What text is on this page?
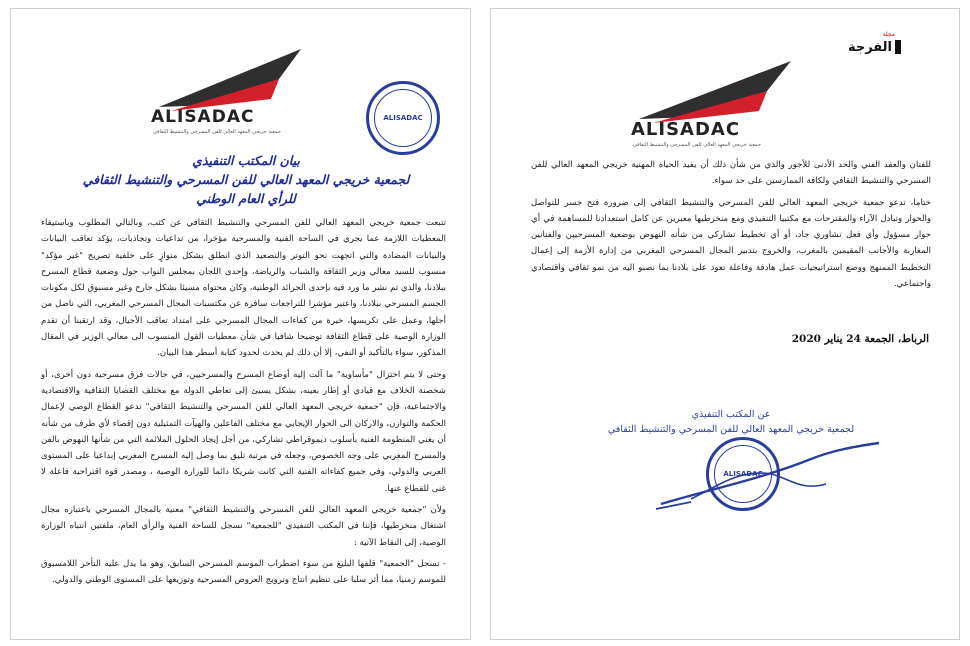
ALISADAC
جمعية خريجي المعهد العالي للفن المسرحي والتنشيط الثقافي
ALISADAC
بيان المكتب التنفيذي
لجمعية خريجي المعهد العالي للفن المسرحي والتنشيط الثقافي
للرأي العام الوطني

تتبعت جمعية خريجي المعهد العالي للفن المسرحي والتنشيط الثقافي عن كثب، وبالتالي المطلوب وباستيفاء المعطيات اللازمة عما يجري في الساحة الفنية والمسرحية مؤخرا، من تداعيات وتجاذبات، يؤكد تعاقب البيانات والبيانات المضادة والتي اتجهت نحو التوتر والتصعيد الذي انطلق بشكل متوازٍ على خلفية تصريح "غير مؤكد" منسوب للسيد معالي وزير الثقافة والشباب والرياضة، وإحدى اللجان بمجلس النواب حول وضعية قطاع المسرح ببلادنا، والذي تم نشر ما ورد فيه بإحدى الجرائد الوطنية، وكان محتواه مسيئا بشكل جارح وغير مسبوق لكل مكونات الجسم المسرحي ببلادنا، واعتبر مؤشرا للتراجعات سافرة عن مكتسبات المجال المسرحي المغربي، التي ناضل من أجلها، وعمل على تكريسها، خيرة من كفاءات المجال المسرحي على امتداد تعاقب الأجيال، وقد ارتقبنا أن تقدم الوزارة الوصية على قطاع الثقافة توضيحا شافيا في شأن معطيات القول المنسوب الى معالي الوزير في المقال المذكور، سواء بالتأكيد أو النفي، إلا أن ذلك لم يحدث لحدود كتابة أسطر هذا البيان.

وحتى لا يتم اختزال "مأساوية" ما آلت إليه أوضاع المسرح والمسرحيين، في حالات فرق مسرحية دون أخرى، أو شخصنة الخلاف مع قيادي أو إطار بعينه، بشكل يسيئ إلى تعاطي الدولة مع مختلف القضايا الثقافية والاقتصادية والاجتماعية، فإن "جمعية خريجي المعهد العالي للفن المسرحي والتنشيط الثقافي" تدعو القطاع الوصي لإعمال الحكمة والتوازن، والاركان الى الحوار الإيجابي مع مختلف الفاعلين والهيآت التمثيلية دون إقصاء لأي طرف من شأنه أن يغني المنظومة الفنية بأسلوب ديموقراطي تشاركي، من أجل إيجاد الحلول الملائمة التي من شأنها النهوض بالفن والمسرح المغربي على وجه الخصوص، وجعله في مرتبة تليق بما وصل إليه المسرح المغربي إبداعيا على المستوى العربي والدولي، وفي جميع كفاءاته الفنية التي كانت شريكا دائما للوزارة الوصية ، ومصدر قوة اقتراحية فاعلة لا غنى للقطاع عنها.

ولأن "جمعية خريجي المعهد العالي للفن المسرحي والتنشيط الثقافي" معنية بالمجال المسرحي باعتباره مجال اشتغال منخرطيها، فإننا في المكتب التنفيذي "للجمعية" نسجل للساحة الفنية والرأي العام، ملفتين انتباه الوزارة الوصية، إلى النقاط الآتية :

- تسجل "الجمعية" قلقها البليغ من سوء اضطراب الموسم المسرحي السابق، وهو ما يدل عليه التأخر اللامسبوق للموسم زمنيا، مما أثر سلبا على تنظيم انتاج وترويج العروض المسرحية وتوزيعها على المستوى الوطني والدولي.

الفرجة
مجلة
ALISADAC
جمعية خريجي المعهد العالي للفن المسرحي والتنشيط الثقافي

للفنان والعقد الفني والحد الأدنى للأجور والذي من شأن ذلك أن يفيد الحياة المهنية خريجي المعهد العالي للفن المسرحي والتنشيط الثقافي ولكافة الممارسين على حد سواء.

ختاما، تدعو جمعية خريجي المعهد العالي للفن المسرحي والتنشيط الثقافي إلى ضرورة فتح جسر للتواصل والحوار وتبادل الآراء والمقترحات مع مكتبيا التنفيذي ومع منخرطيها معبرين عن كامل استعدادنا للمساهمة في أي حوار مسؤول وأي فعل تشاوري جاد، أو أي تخطيط تشاركي من شأنه النهوض بوضعية المسرحيين والفنانين المغاربة والأجانب المقيمين بالمغرب، والخروج بتدبير المجال المسرحي المغربي من إدارة الأزمة إلى إعمال التخطيط الممنهج ووضع استراتيجيات عمل هادفة وفاعلة تعود على بلادنا بما نصبو اليه من نمو ثقافي واقتصادي واجتماعي.

الرباط، الجمعة 24 يناير 2020
عن المكتب التنفيذي
لجمعية خريجي المعهد العالي للفن المسرحي والتنشيط الثقافي
ALISADAC
